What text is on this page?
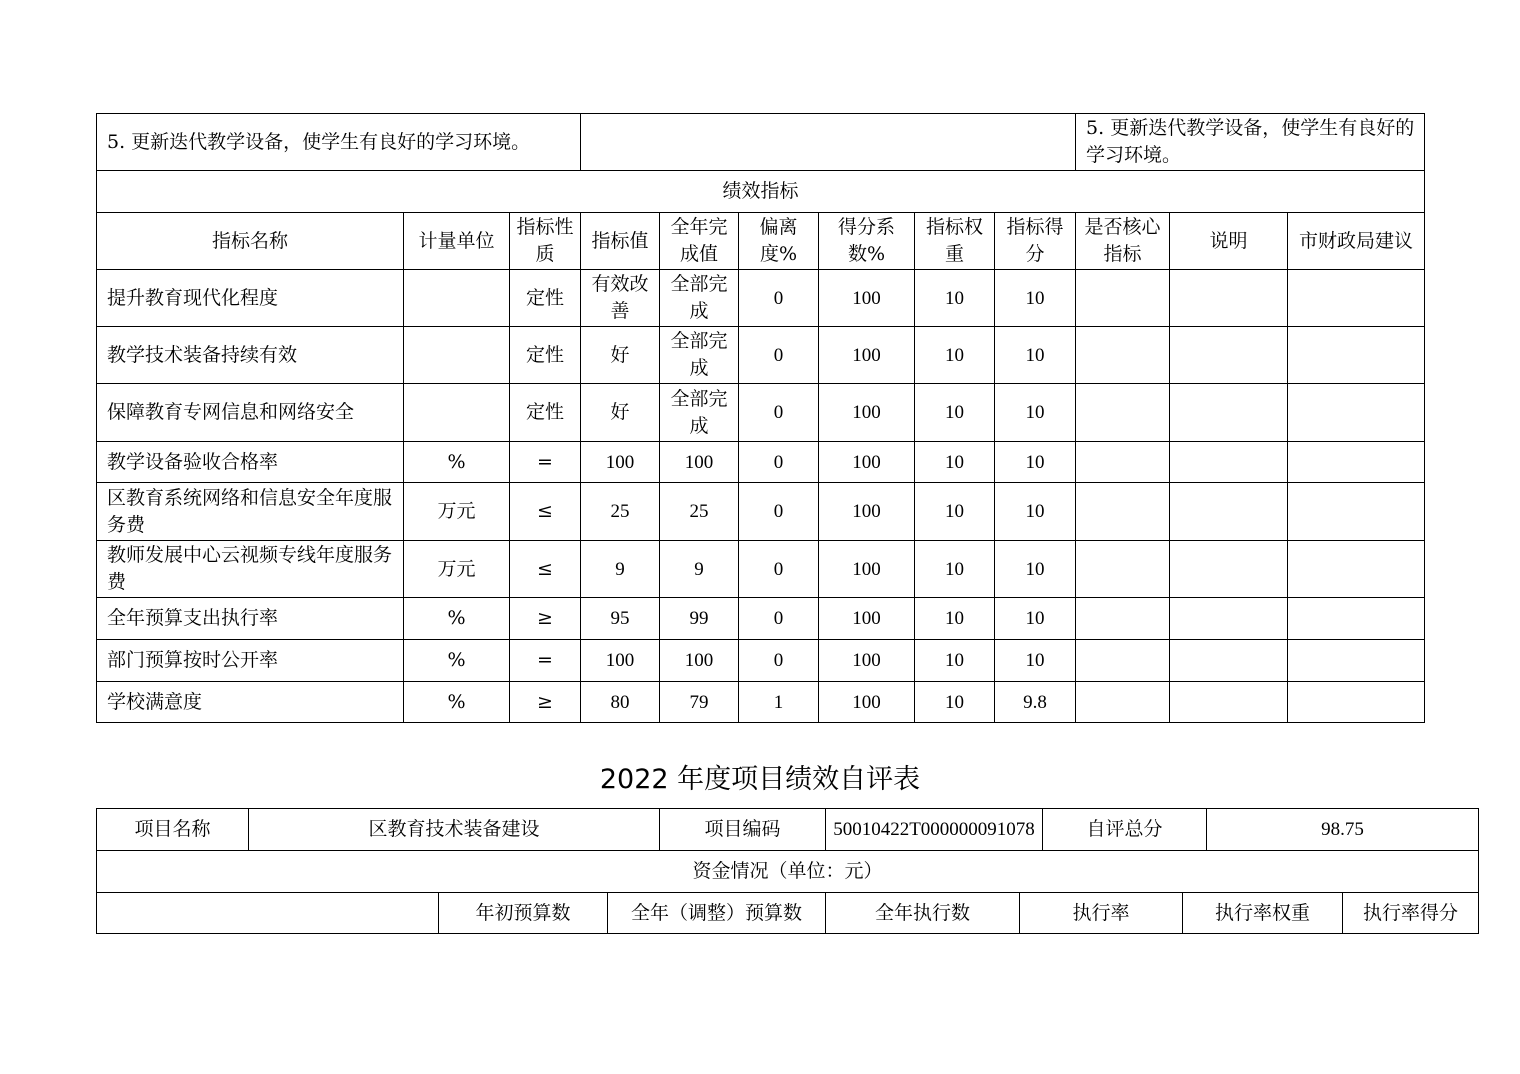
5. 更新迭代教学设备，使学生有良好的学习环境。									5. 更新迭代教学设备，使学生有良好的学习环境。		
绩效指标											
指标名称	计量单位	指标性质	指标值	全年完成值	偏离度%	得分系数%	指标权重	指标得分	是否核心指标	说明	市财政局建议
提升教育现代化程度		定性	有效改善	全部完成	0	100	10	10			
教学技术装备持续有效		定性	好	全部完成	0	100	10	10			
保障教育专网信息和网络安全		定性	好	全部完成	0	100	10	10			
教学设备验收合格率	%	=	100	100	0	100	10	10			
区教育系统网络和信息安全年度服务费	万元	≤	25	25	0	100	10	10			
教师发展中心云视频专线年度服务费	万元	≤	9	9	0	100	10	10			
全年预算支出执行率	%	≥	95	99	0	100	10	10			
部门预算按时公开率	%	=	100	100	0	100	10	10			
学校满意度	%	≥	80	79	1	100	10	9.8			
2022 年度项目绩效自评表
项目名称	区教育技术装备建设			项目编码	50010422T000000091078		自评总分		98.75	
资金情况（单位：元）										
		年初预算数	全年（调整）预算数		全年执行数	执行率		执行率权重		执行率得分
